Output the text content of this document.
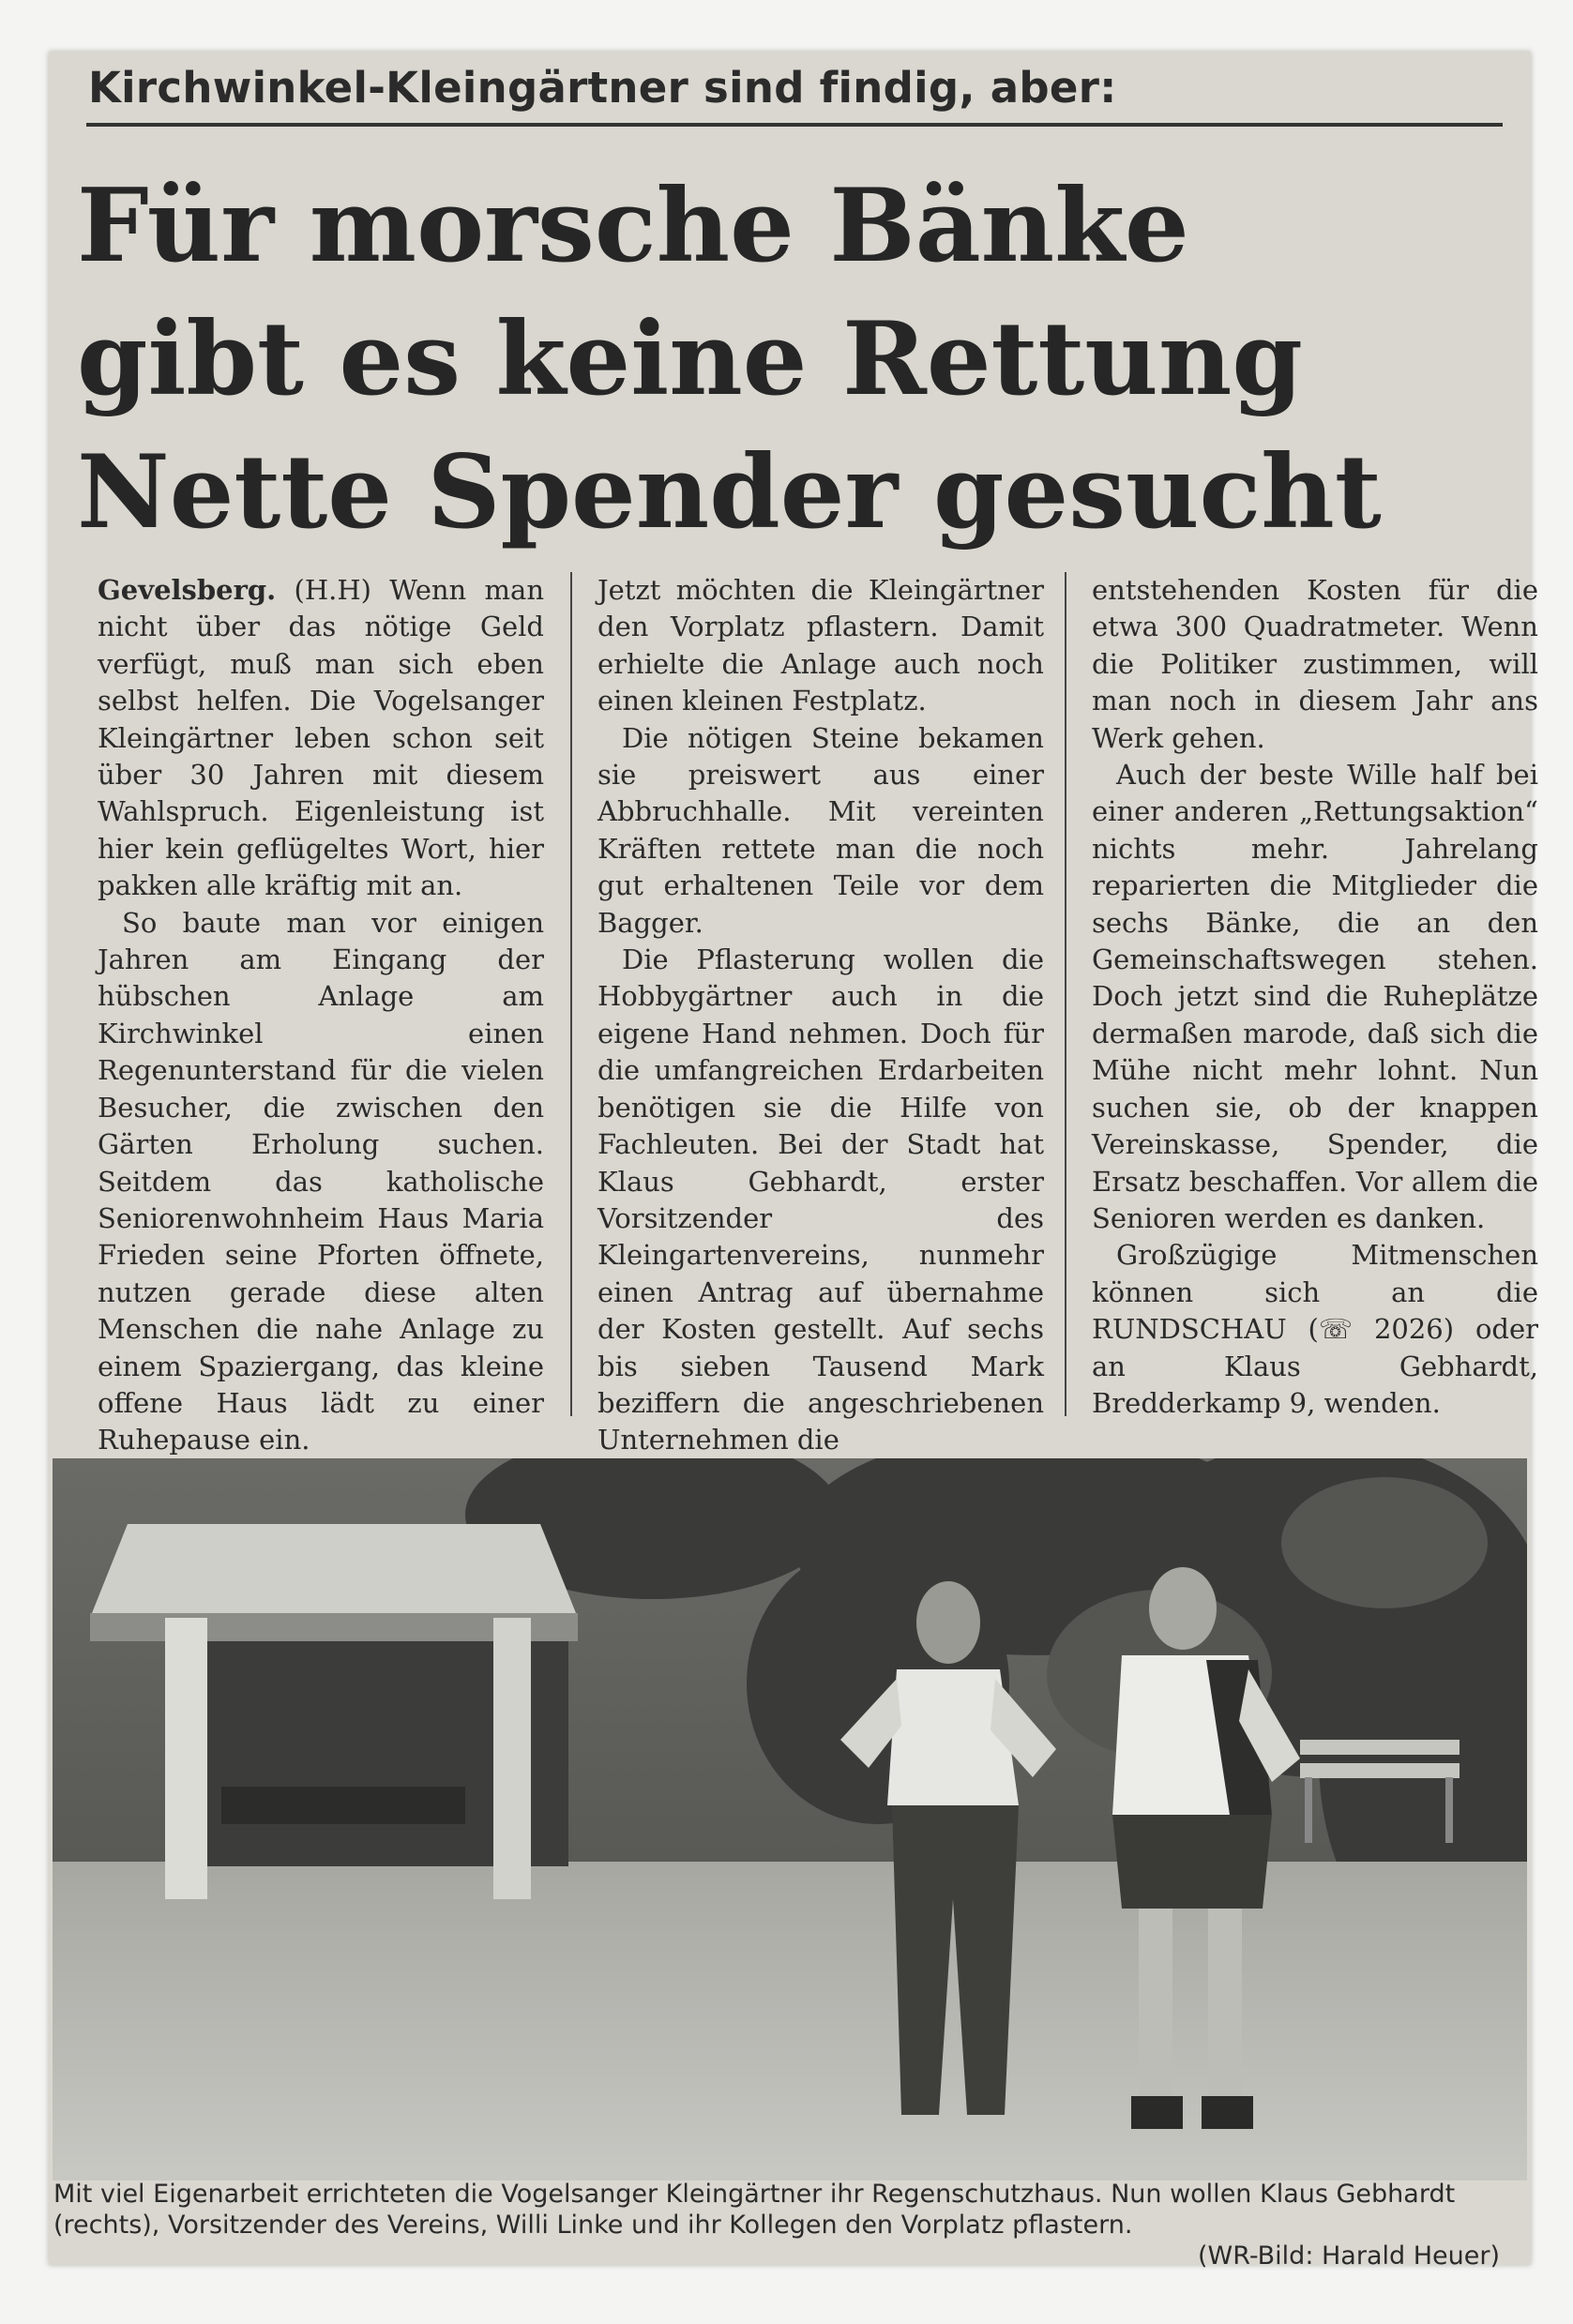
Kirchwinkel-Kleingärtner sind findig, aber:
Für morsche Bänke
gibt es keine Rettung
Nette Spender gesucht

Gevelsberg. (H.H) Wenn man nicht über das nötige Geld verfügt, muß man sich eben selbst helfen. Die Vogelsanger Kleingärtner leben schon seit über 30 Jahren mit diesem Wahlspruch. Eigenleistung ist hier kein geflügeltes Wort, hier pakken alle kräftig mit an.

So baute man vor einigen Jahren am Eingang der hübschen Anlage am Kirchwinkel einen Regenunterstand für die vielen Besucher, die zwischen den Gärten Erholung suchen. Seitdem das katholische Seniorenwohnheim Haus Maria Frieden seine Pforten öffnete, nutzen gerade diese alten Menschen die nahe Anlage zu einem Spaziergang, das kleine offene Haus lädt zu einer Ruhepause ein.

Jetzt möchten die Kleingärtner den Vorplatz pflastern. Damit erhielte die Anlage auch noch einen kleinen Festplatz.

Die nötigen Steine bekamen sie preiswert aus einer Abbruchhalle. Mit vereinten Kräften rettete man die noch gut erhaltenen Teile vor dem Bagger.

Die Pflasterung wollen die Hobbygärtner auch in die eigene Hand nehmen. Doch für die umfangreichen Erdarbeiten benötigen sie die Hilfe von Fachleuten. Bei der Stadt hat Klaus Gebhardt, erster Vorsitzender des Kleingartenvereins, nunmehr einen Antrag auf übernahme der Kosten gestellt. Auf sechs bis sieben Tausend Mark beziffern die angeschriebenen Unternehmen die

entstehenden Kosten für die etwa 300 Quadratmeter. Wenn die Politiker zustimmen, will man noch in diesem Jahr ans Werk gehen.

Auch der beste Wille half bei einer anderen „Rettungsaktion“ nichts mehr. Jahrelang reparierten die Mitglieder die sechs Bänke, die an den Gemeinschaftswegen stehen. Doch jetzt sind die Ruheplätze dermaßen marode, daß sich die Mühe nicht mehr lohnt. Nun suchen sie, ob der knappen Vereinskasse, Spender, die Ersatz beschaffen. Vor allem die Senioren werden es danken.

Großzügige Mitmenschen können sich an die RUNDSCHAU (☏ 2026) oder an Klaus Gebhardt, Bredderkamp 9, wenden.

Mit viel Eigenarbeit errichteten die Vogelsanger Kleingärtner ihr Regenschutzhaus. Nun wollen Klaus Gebhardt (rechts), Vorsitzender des Vereins, Willi Linke und ihr Kollegen den Vorplatz pflastern.
(WR-Bild: Harald Heuer)
